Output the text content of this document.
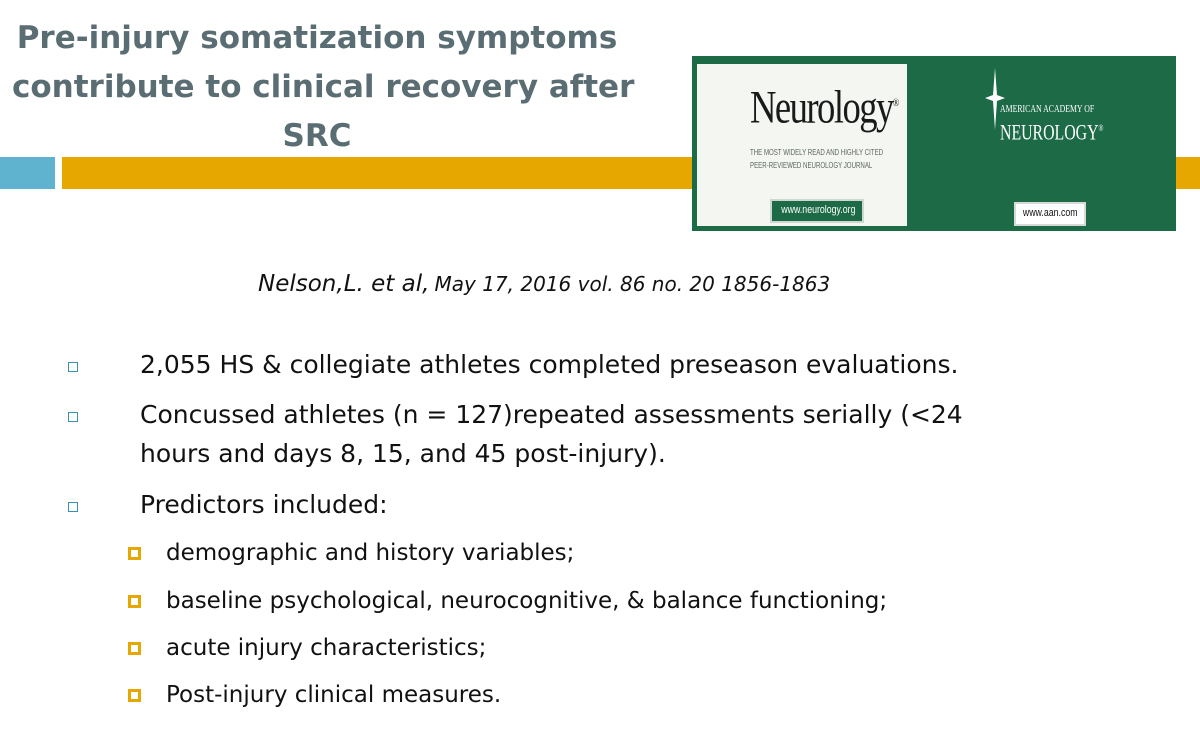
Pre-injury somatization symptoms
contribute to clinical recovery after
SRC
Neurology®
THE MOST WIDELY READ AND HIGHLY CITED
PEER-REVIEWED NEUROLOGY JOURNAL
www.neurology.org
AMERICAN ACADEMY OF
NEUROLOGY®
www.aan.com
Nelson,L. et al, May 17, 2016 vol. 86 no. 20 1856-1863
2,055 HS & collegiate athletes completed preseason evaluations.
Concussed athletes (n = 127)repeated assessments serially (<24
hours and days 8, 15, and 45 post-injury).
Predictors included:
demographic and history variables;
baseline psychological, neurocognitive, & balance functioning;
acute injury characteristics;
Post-injury clinical measures.
